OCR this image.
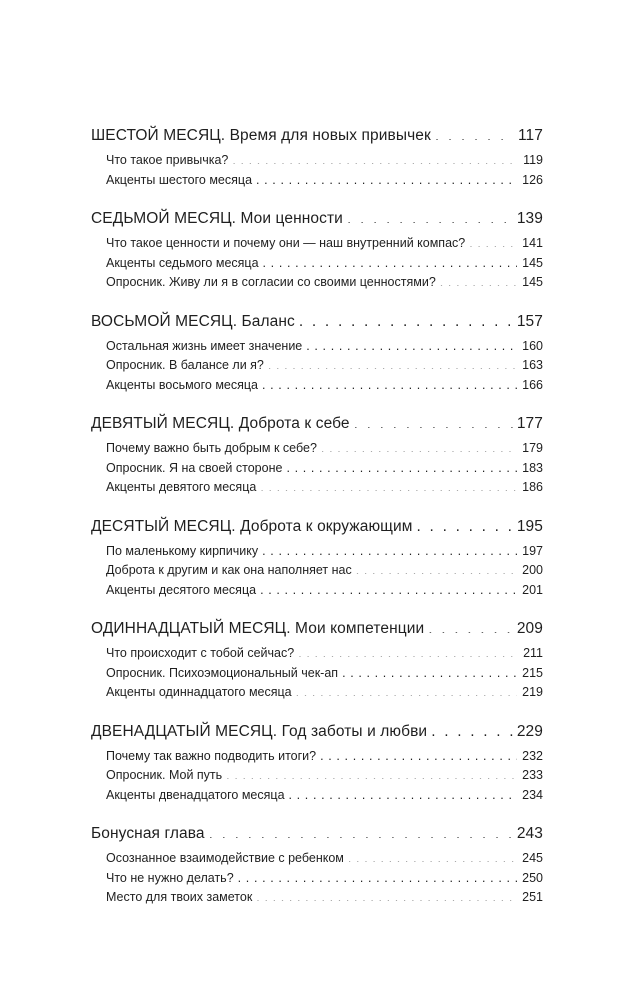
ШЕСТОЙ МЕСЯЦ. Время для новых привычек . . .	117
Что такое привычка? . . .	119
Акценты шестого месяца . . .	126
СЕДЬМОЙ МЕСЯЦ. Мои ценности . . .	139
Что такое ценности и почему они — наш внутренний компас? . . .	141
Акценты седьмого месяца . . .	145
Опросник. Живу ли я в согласии со своими ценностями? . . .	145
ВОСЬМОЙ МЕСЯЦ. Баланс . . .	157
Остальная жизнь имеет значение . . .	160
Опросник. В балансе ли я? . . .	163
Акценты восьмого месяца . . .	166
ДЕВЯТЫЙ МЕСЯЦ. Доброта к себе . . .	177
Почему важно быть добрым к себе? . . .	179
Опросник. Я на своей стороне . . .	183
Акценты девятого месяца . . .	186
ДЕСЯТЫЙ МЕСЯЦ. Доброта к окружающим . . .	195
По маленькому кирпичику . . .	197
Доброта к другим и как она наполняет нас . . .	200
Акценты десятого месяца . . .	201
ОДИННАДЦАТЫЙ МЕСЯЦ. Мои компетенции . . .	209
Что происходит с тобой сейчас? . . .	211
Опросник. Психоэмоциональный чек-ап . . .	215
Акценты одиннадцатого месяца . . .	219
ДВЕНАДЦАТЫЙ МЕСЯЦ. Год заботы и любви . . .	229
Почему так важно подводить итоги? . . .	232
Опросник. Мой путь . . .	233
Акценты двенадцатого месяца . . .	234
Бонусная глава . . .	243
Осознанное взаимодействие с ребенком . . .	245
Что не нужно делать? . . .	250
Место для твоих заметок . . .	251
